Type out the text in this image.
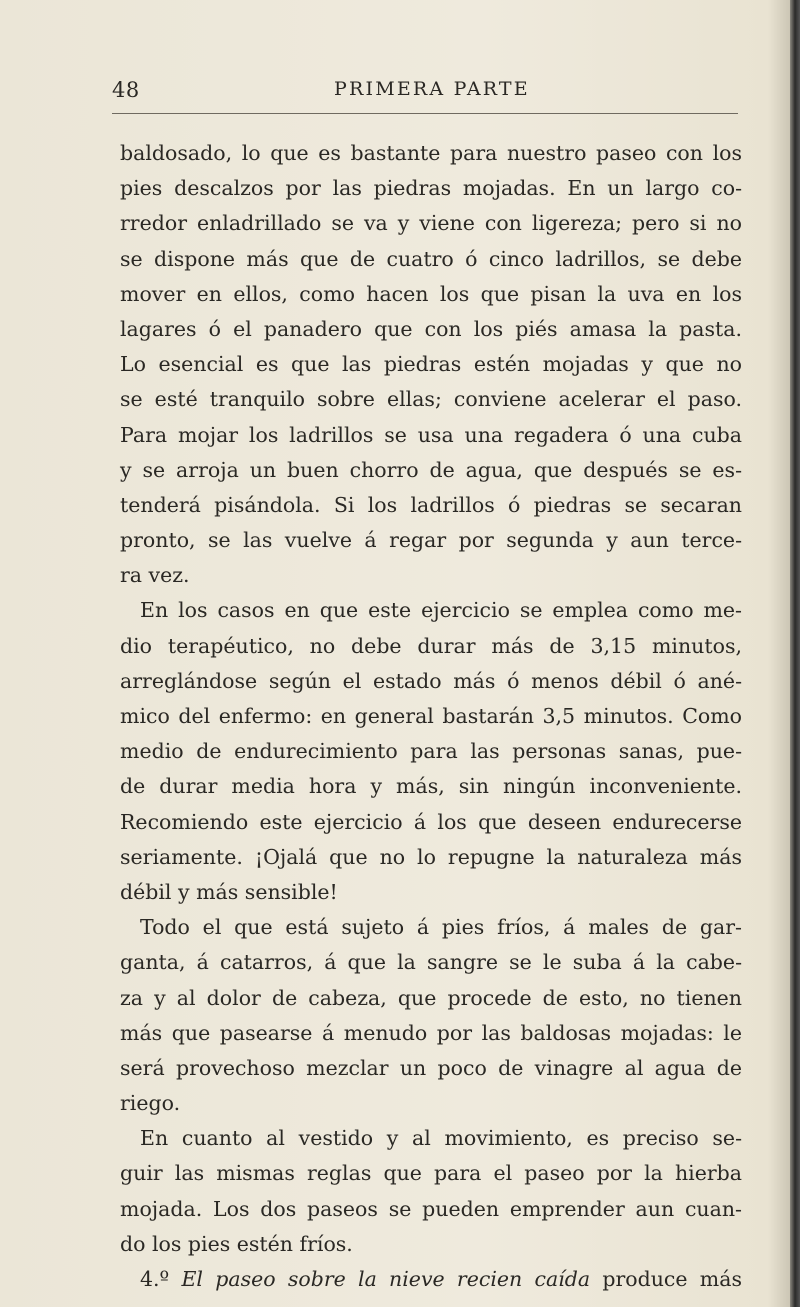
48	PRIMERA PARTE
baldosado, lo que es bastante para nuestro paseo con los
pies descalzos por las piedras mojadas. En un largo co-
rredor enladrillado se va y viene con ligereza; pero si no
se dispone más que de cuatro ó cinco ladrillos, se debe
mover en ellos, como hacen los que pisan la uva en los
lagares ó el panadero que con los piés amasa la pasta.
Lo esencial es que las piedras estén mojadas y que no
se esté tranquilo sobre ellas; conviene acelerar el paso.
Para mojar los ladrillos se usa una regadera ó una cuba
y se arroja un buen chorro de agua, que después se es-
tenderá pisándola. Si los ladrillos ó piedras se secaran
pronto, se las vuelve á regar por segunda y aun terce-
ra vez.
En los casos en que este ejercicio se emplea como me-
dio terapéutico, no debe durar más de 3,15 minutos,
arreglándose según el estado más ó menos débil ó ané-
mico del enfermo: en general bastarán 3,5 minutos. Como
medio de endurecimiento para las personas sanas, pue-
de durar media hora y más, sin ningún inconveniente.
Recomiendo este ejercicio á los que deseen endurecerse
seriamente. ¡Ojalá que no lo repugne la naturaleza más
débil y más sensible!
Todo el que está sujeto á pies fríos, á males de gar-
ganta, á catarros, á que la sangre se le suba á la cabe-
za y al dolor de cabeza, que procede de esto, no tienen
más que pasearse á menudo por las baldosas mojadas: le
será provechoso mezclar un poco de vinagre al agua de
riego.
En cuanto al vestido y al movimiento, es preciso se-
guir las mismas reglas que para el paseo por la hierba
mojada. Los dos paseos se pueden emprender aun cuan-
do los pies estén fríos.
4.º El paseo sobre la nieve recien caída produce más
